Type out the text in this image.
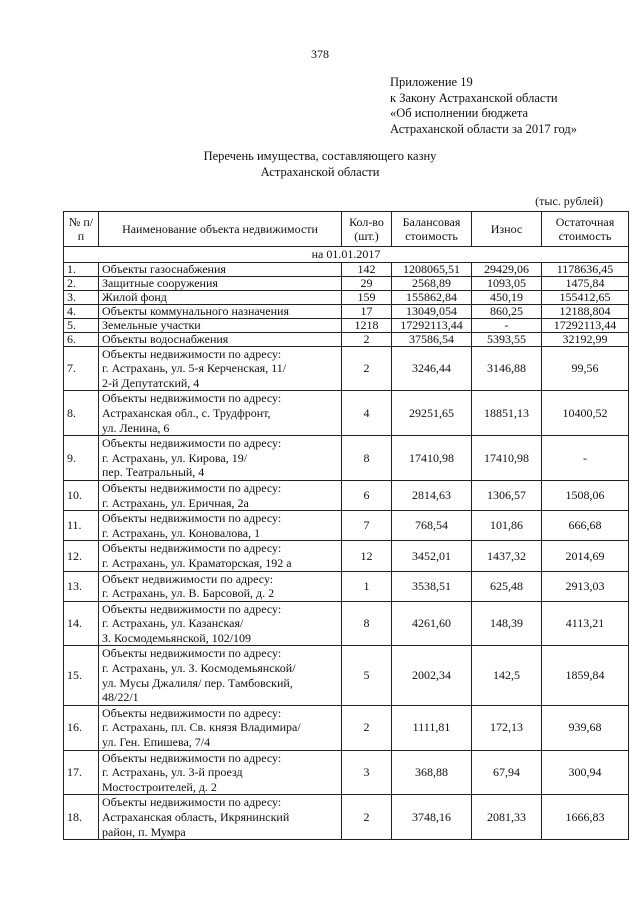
378
Приложение 19
к Закону Астраханской области
«Об исполнении бюджета
Астраханской области за 2017 год»
Перечень имущества, составляющего казну
Астраханской области
(тыс. рублей)
№ п/п	Наименование объекта недвижимости	Кол-во (шт.)	Балансовая стоимость	Износ	Остаточная стоимость
на 01.01.2017					
1.	Объекты газоснабжения	142	1208065,51	29429,06	1178636,45
2.	Защитные сооружения	29	2568,89	1093,05	1475,84
3.	Жилой фонд	159	155862,84	450,19	155412,65
4.	Объекты коммунального назначения	17	13049,054	860,25	12188,804
5.	Земельные участки	1218	17292113,44	-	17292113,44
6.	Объекты водоснабжения	2	37586,54	5393,55	32192,99
7.	Объекты недвижимости по адресу:
г. Астрахань, ул. 5-я Керченская, 11/
2-й Депутатский, 4	2	3246,44	3146,88	99,56
8.	Объекты недвижимости по адресу:
Астраханская обл., с. Трудфронт,
ул. Ленина, 6	4	29251,65	18851,13	10400,52
9.	Объекты недвижимости по адресу:
г. Астрахань, ул. Кирова, 19/
пер. Театральный, 4	8	17410,98	17410,98	-
10.	Объекты недвижимости по адресу:
г. Астрахань, ул. Еричная, 2а	6	2814,63	1306,57	1508,06
11.	Объекты недвижимости по адресу:
г. Астрахань, ул. Коновалова, 1	7	768,54	101,86	666,68
12.	Объекты недвижимости по адресу:
г. Астрахань, ул. Краматорская, 192 а	12	3452,01	1437,32	2014,69
13.	Объект недвижимости по адресу:
г. Астрахань, ул. В. Барсовой, д. 2	1	3538,51	625,48	2913,03
14.	Объекты недвижимости по адресу:
г. Астрахань, ул. Казанская/
З. Космодемьянской, 102/109	8	4261,60	148,39	4113,21
15.	Объекты недвижимости по адресу:
г. Астрахань, ул. З. Космодемьянской/
ул. Мусы Джалиля/ пер. Тамбовский,
48/22/1	5	2002,34	142,5	1859,84
16.	Объекты недвижимости по адресу:
г. Астрахань, пл. Св. князя Владимира/
ул. Ген. Епишева, 7/4	2	1111,81	172,13	939,68
17.	Объекты недвижимости по адресу:
г. Астрахань, ул. 3-й проезд
Мостостроителей, д. 2	3	368,88	67,94	300,94
18.	Объекты недвижимости по адресу:
Астраханская область, Икрянинский
район, п. Мумра	2	3748,16	2081,33	1666,83
